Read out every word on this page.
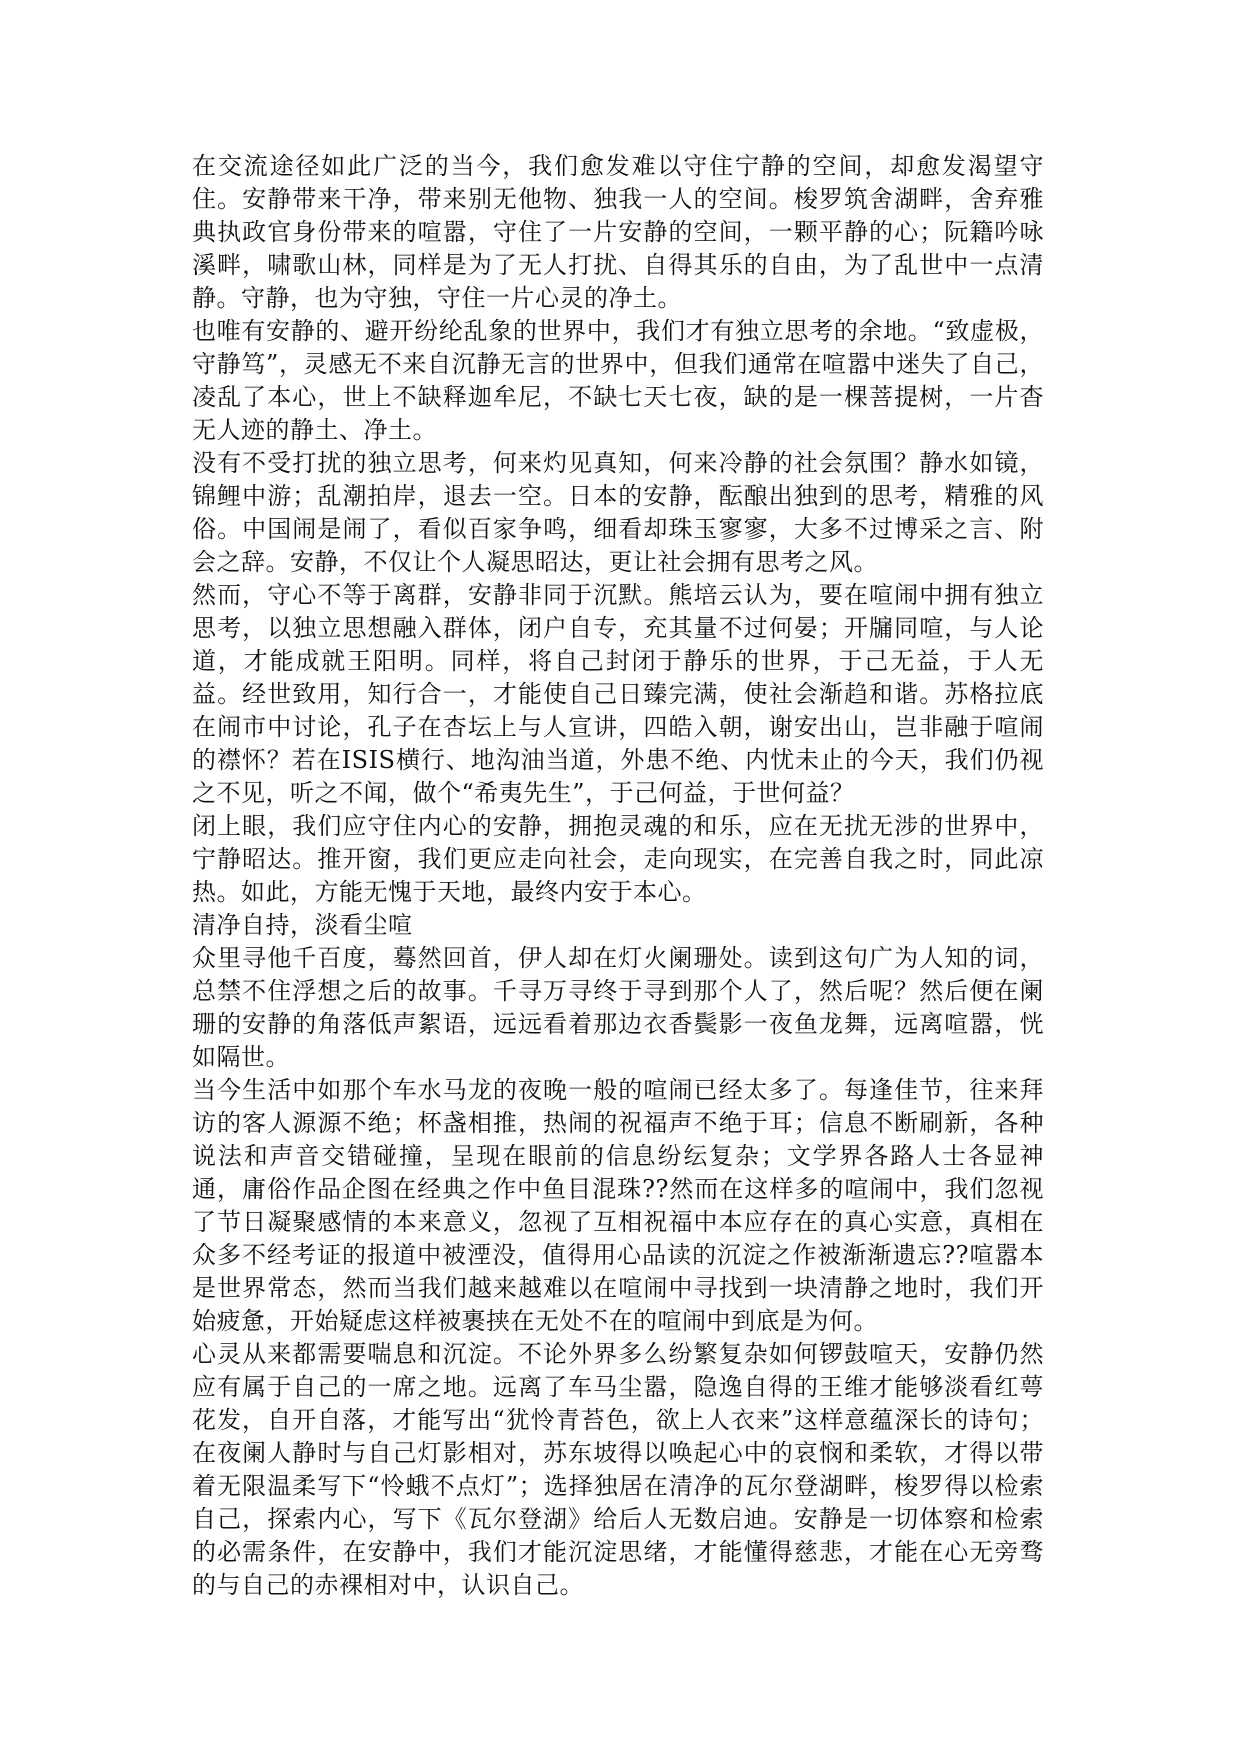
在交流途径如此广泛的当今，我们愈发难以守住宁静的空间，却愈发渴望守住。安静带来干净，带来别无他物、独我一人的空间。梭罗筑舍湖畔，舍弃雅典执政官身份带来的喧嚣，守住了一片安静的空间，一颗平静的心；阮籍吟咏溪畔，啸歌山林，同样是为了无人打扰、自得其乐的自由，为了乱世中一点清静。守静，也为守独，守住一片心灵的净土。

也唯有安静的、避开纷纶乱象的世界中，我们才有独立思考的余地。“致虚极，守静笃”，灵感无不来自沉静无言的世界中，但我们通常在喧嚣中迷失了自己，凌乱了本心，世上不缺释迦牟尼，不缺七天七夜，缺的是一棵菩提树，一片杳无人迹的静土、净土。

没有不受打扰的独立思考，何来灼见真知，何来冷静的社会氛围？静水如镜，锦鲤中游；乱潮拍岸，退去一空。日本的安静，酝酿出独到的思考，精雅的风俗。中国闹是闹了，看似百家争鸣，细看却珠玉寥寥，大多不过博采之言、附会之辞。安静，不仅让个人凝思昭达，更让社会拥有思考之风。

然而，守心不等于离群，安静非同于沉默。熊培云认为，要在喧闹中拥有独立思考，以独立思想融入群体，闭户自专，充其量不过何晏；开牖同喧，与人论道，才能成就王阳明。同样，将自己封闭于静乐的世界，于己无益，于人无益。经世致用，知行合一，才能使自己日臻完满，使社会渐趋和谐。苏格拉底在闹市中讨论，孔子在杏坛上与人宣讲，四皓入朝，谢安出山，岂非融于喧闹的襟怀？若在ISIS横行、地沟油当道，外患不绝、内忧未止的今天，我们仍视之不见，听之不闻，做个“希夷先生”，于己何益，于世何益？

闭上眼，我们应守住内心的安静，拥抱灵魂的和乐，应在无扰无涉的世界中，宁静昭达。推开窗，我们更应走向社会，走向现实，在完善自我之时，同此凉热。如此，方能无愧于天地，最终内安于本心。

清净自持，淡看尘喧

众里寻他千百度，蓦然回首，伊人却在灯火阑珊处。读到这句广为人知的词，总禁不住浮想之后的故事。千寻万寻终于寻到那个人了，然后呢？然后便在阑珊的安静的角落低声絮语，远远看着那边衣香鬓影一夜鱼龙舞，远离喧嚣，恍如隔世。

当今生活中如那个车水马龙的夜晚一般的喧闹已经太多了。每逢佳节，往来拜访的客人源源不绝；杯盏相推，热闹的祝福声不绝于耳；信息不断刷新，各种说法和声音交错碰撞，呈现在眼前的信息纷纭复杂；文学界各路人士各显神通，庸俗作品企图在经典之作中鱼目混珠??然而在这样多的喧闹中，我们忽视了节日凝聚感情的本来意义，忽视了互相祝福中本应存在的真心实意，真相在众多不经考证的报道中被湮没，值得用心品读的沉淀之作被渐渐遗忘??喧嚣本是世界常态，然而当我们越来越难以在喧闹中寻找到一块清静之地时，我们开始疲惫，开始疑虑这样被裹挟在无处不在的喧闹中到底是为何。

心灵从来都需要喘息和沉淀。不论外界多么纷繁复杂如何锣鼓喧天，安静仍然应有属于自己的一席之地。远离了车马尘嚣，隐逸自得的王维才能够淡看红萼花发，自开自落，才能写出“犹怜青苔色，欲上人衣来”这样意蕴深长的诗句；在夜阑人静时与自己灯影相对，苏东坡得以唤起心中的哀悯和柔软，才得以带着无限温柔写下“怜蛾不点灯”；选择独居在清净的瓦尔登湖畔，梭罗得以检索自己，探索内心，写下《瓦尔登湖》给后人无数启迪。安静是一切体察和检索的必需条件，在安静中，我们才能沉淀思绪，才能懂得慈悲，才能在心无旁骛的与自己的赤裸相对中，认识自己。
